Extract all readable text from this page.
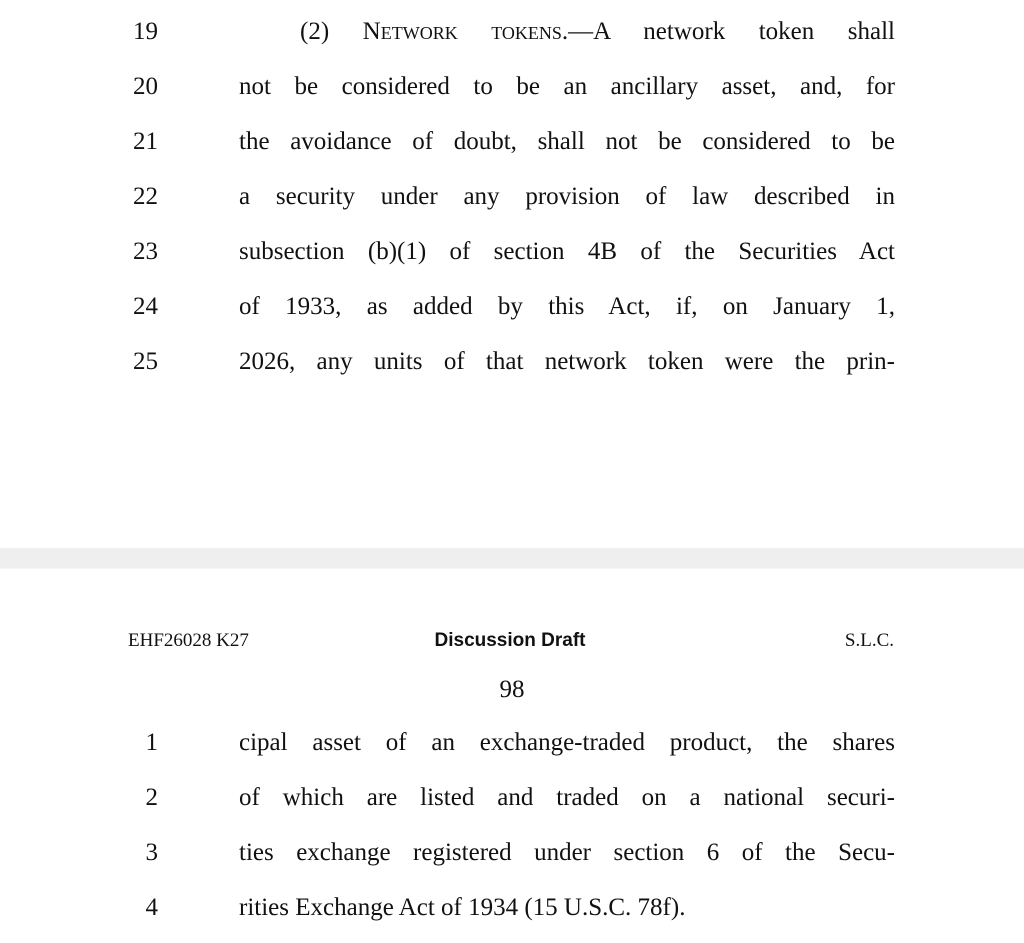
19	(2) Network tokens.—A network token shall
20	not be considered to be an ancillary asset, and, for
21	the avoidance of doubt, shall not be considered to be
22	a security under any provision of law described in
23	subsection (b)(1) of section 4B of the Securities Act
24	of 1933, as added by this Act, if, on January 1,
25	2026, any units of that network token were the prin-
EHF26028 K27	Discussion Draft	S.L.C.
98
1	cipal asset of an exchange-traded product, the shares
2	of which are listed and traded on a national securi-
3	ties exchange registered under section 6 of the Secu-
4	rities Exchange Act of 1934 (15 U.S.C. 78f).
